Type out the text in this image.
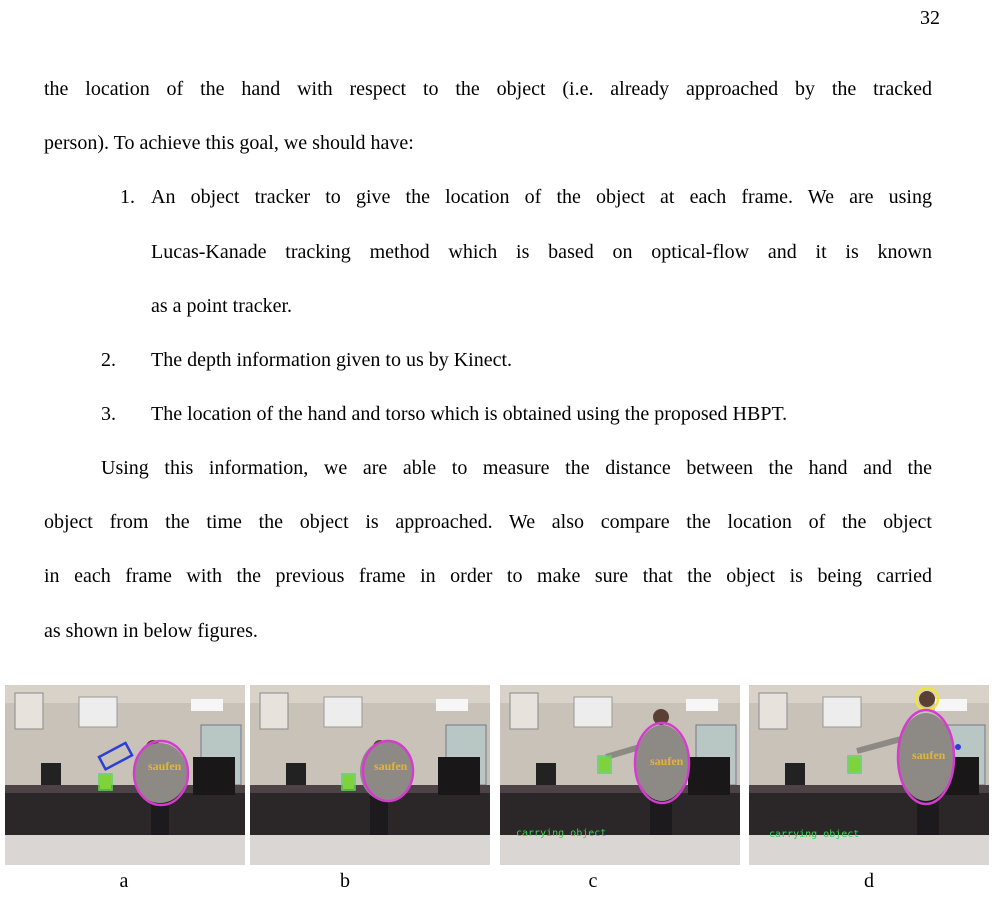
32
the location of the hand with respect to the object (i.e. already approached by the tracked
person). To achieve this goal, we should have:
1. An object tracker to give the location of the object at each frame. We are using
Lucas-Kanade tracking method which is based on optical-flow and it is known
as a point tracker.
2. The depth information given to us by Kinect.
3. The location of the hand and torso which is obtained using the proposed HBPT.
Using this information, we are able to measure the distance between the hand and the
object from the time the object is approached. We also compare the location of the object
in each frame with the previous frame in order to make sure that the object is being carried
as shown in below figures.
saufen
a
saufen
b
saufen
carrying object
c
saufen
carrying object
d
